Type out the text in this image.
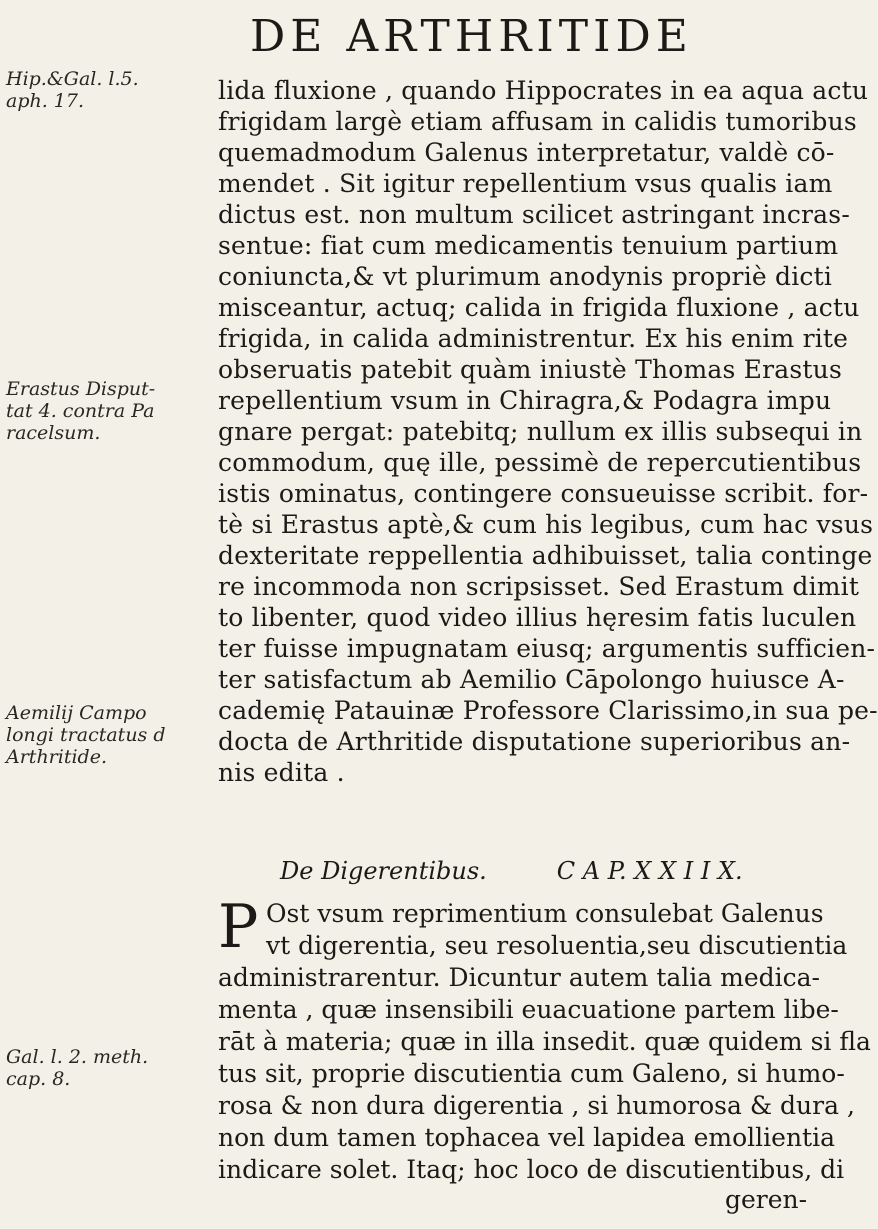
DE ARTHRITIDE
Hip.&Gal. l.5.
aph. 17.
Erastus Disput-
tat 4. contra Pa
racelsum.
Aemilij Campo
longi tractatus d
Arthritide.
Gal. l. 2. meth.
cap. 8.
lida fluxione , quando Hippocrates in ea aqua actu
frigidam largè etiam affusam in calidis tumoribus
quemadmodum Galenus interpretatur, valdè cō-
mendet . Sit igitur repellentium vsus qualis iam
dictus est. non multum scilicet astringant incras-
sentue: fiat cum medicamentis tenuium partium
coniuncta,& vt plurimum anodynis propriè dicti
misceantur, actuq; calida in frigida fluxione , actu
frigida, in calida administrentur. Ex his enim rite
obseruatis patebit quàm iniustè Thomas Erastus
repellentium vsum in Chiragra,& Podagra impu
gnare pergat: patebitq; nullum ex illis subsequi in
commodum, quę ille, pessimè de repercutientibus
istis ominatus, contingere consueuisse scribit. for-
tè si Erastus aptè,& cum his legibus, cum hac vsus
dexteritate reppellentia adhibuisset, talia continge
re incommoda non scripsisset. Sed Erastum dimit
to libenter, quod video illius hęresim fatis luculen
ter fuisse impugnatam eiusq; argumentis sufficien-
ter satisfactum ab Aemilio Cāpolongo huiusce A-
cademię Patauinæ Professore Clarissimo,in sua pe-
docta de Arthritide disputatione superioribus an-
nis edita .
De Digerentibus.	C A P. X X I I X.
P Ost vsum reprimentium consulebat Galenus
vt digerentia, seu resoluentia,seu discutientia
administrarentur. Dicuntur autem talia medica-
menta , quæ insensibili euacuatione partem libe-
rāt à materia; quæ in illa insedit. quæ quidem si fla
tus sit, proprie discutientia cum Galeno, si humo-
rosa & non dura digerentia , si humorosa & dura ,
non dum tamen tophacea vel lapidea emollientia
indicare solet. Itaq; hoc loco de discutientibus, di
geren-
